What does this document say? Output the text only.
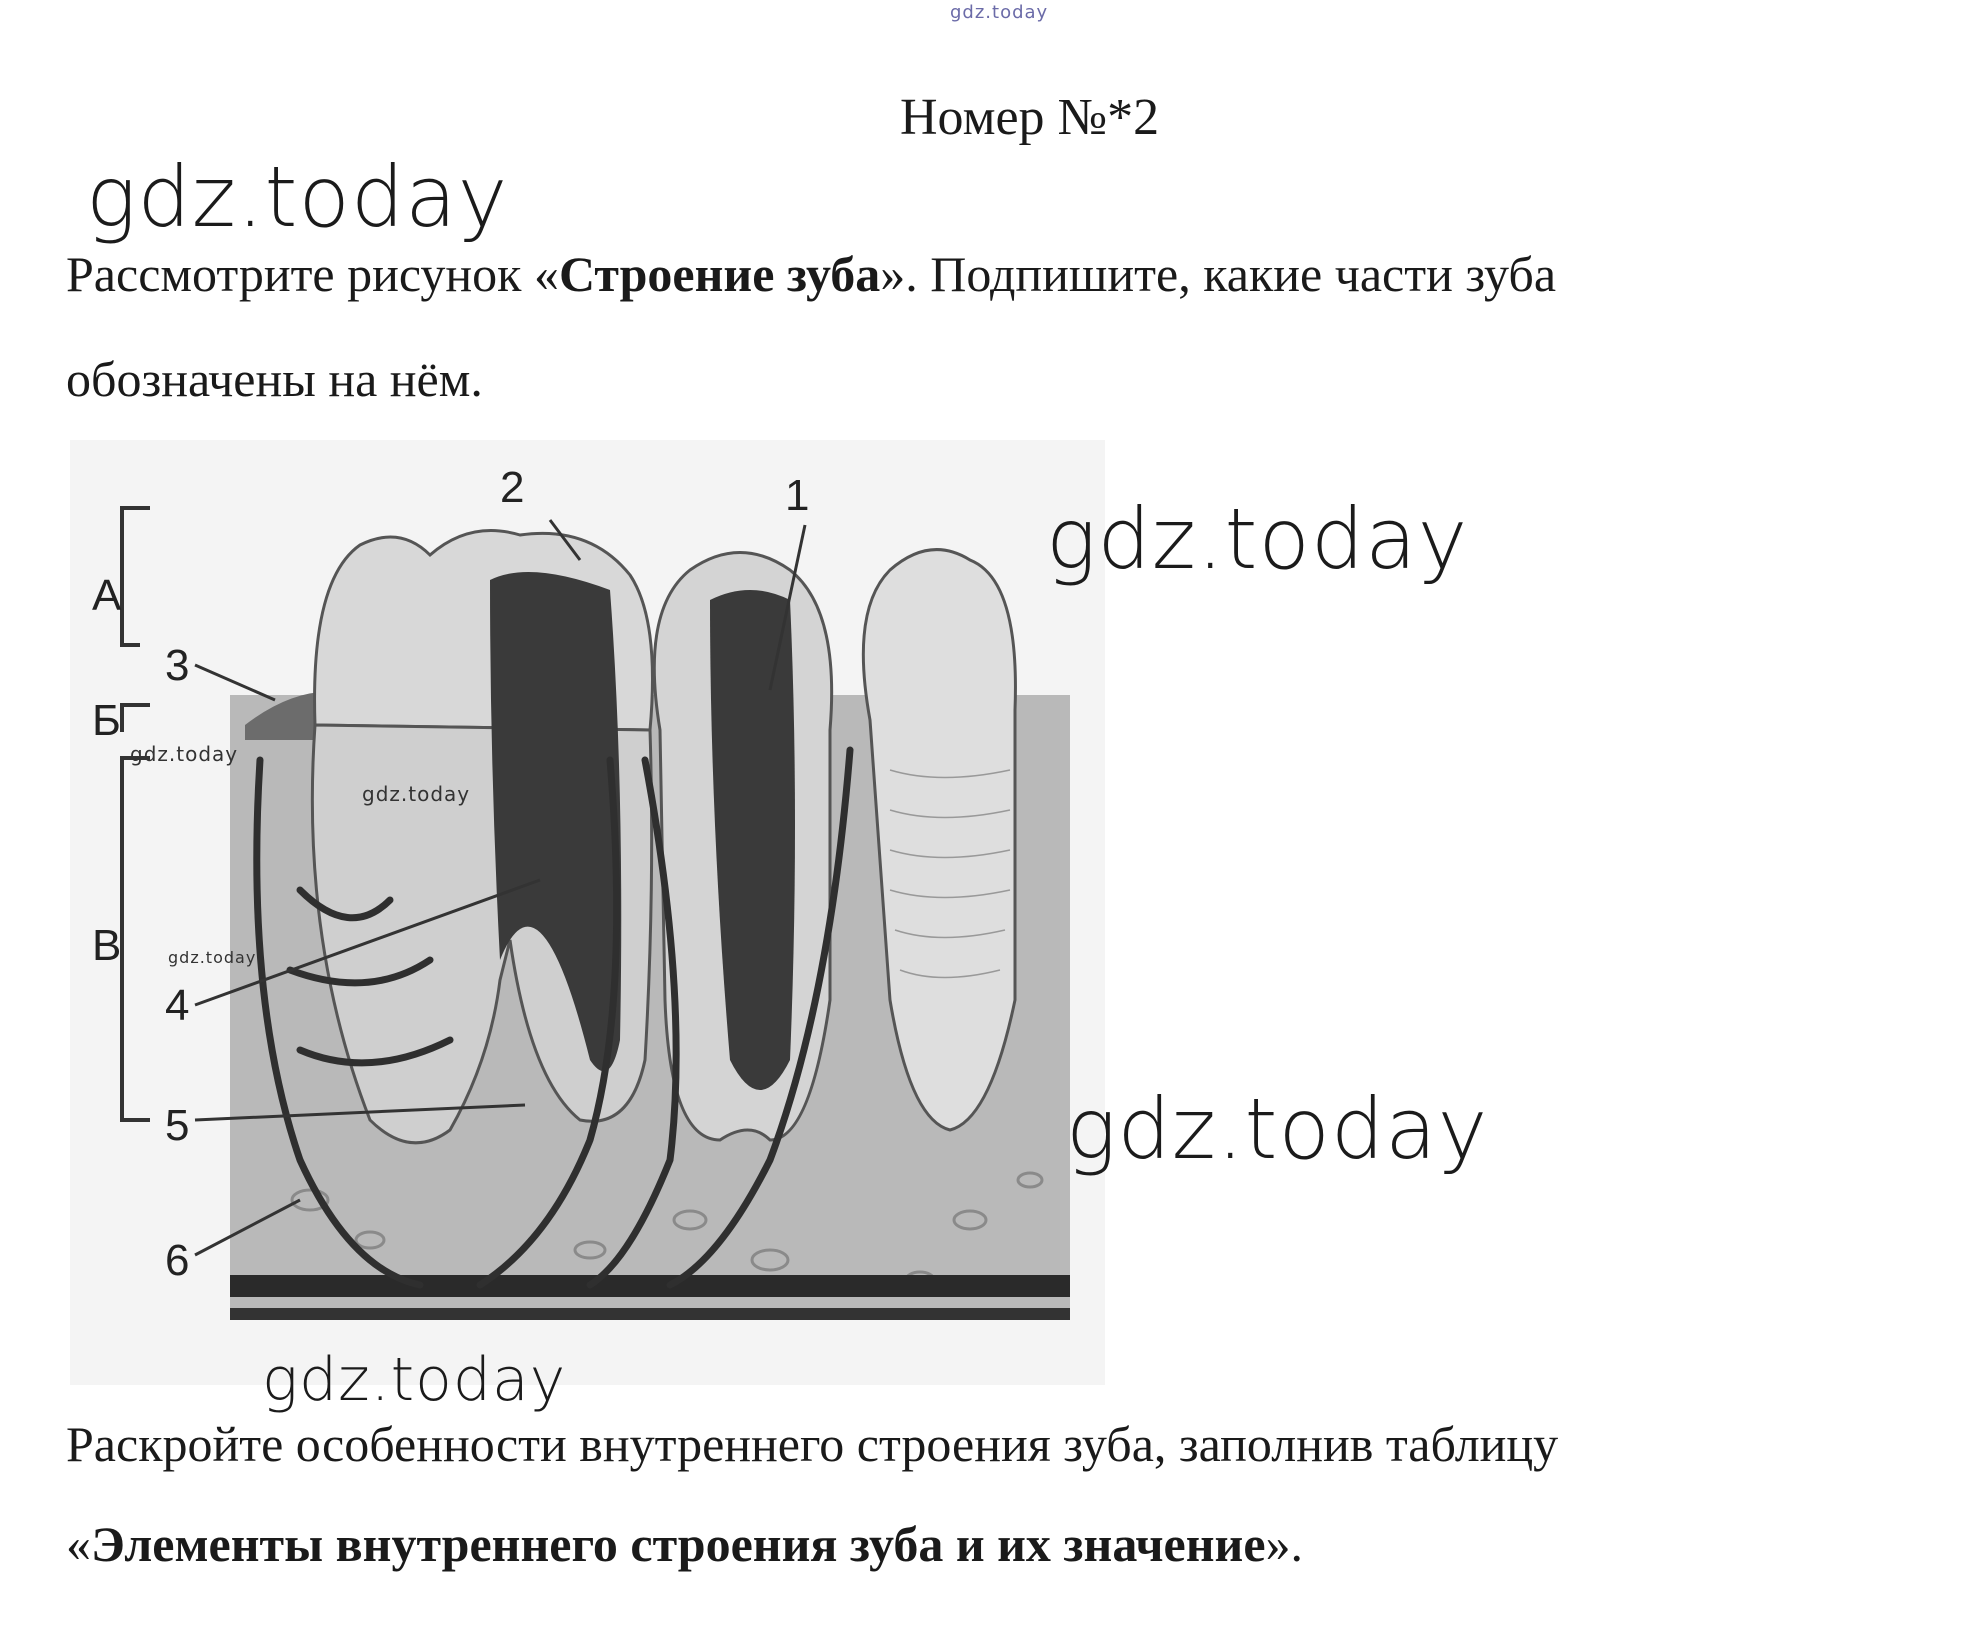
gdz.today
Номер №*2
gdz.today
Рассмотрите рисунок «Строение зуба». Подпишите, какие части зуба
обозначены на нём.
А
Б
В
1
2
3
4
5
6
gdz.today
gdz.today
gdz.today
gdz.today
gdz.today
gdz.today
Раскройте особенности внутреннего строения зуба, заполнив таблицу
«Элементы внутреннего строения зуба и их значение».
